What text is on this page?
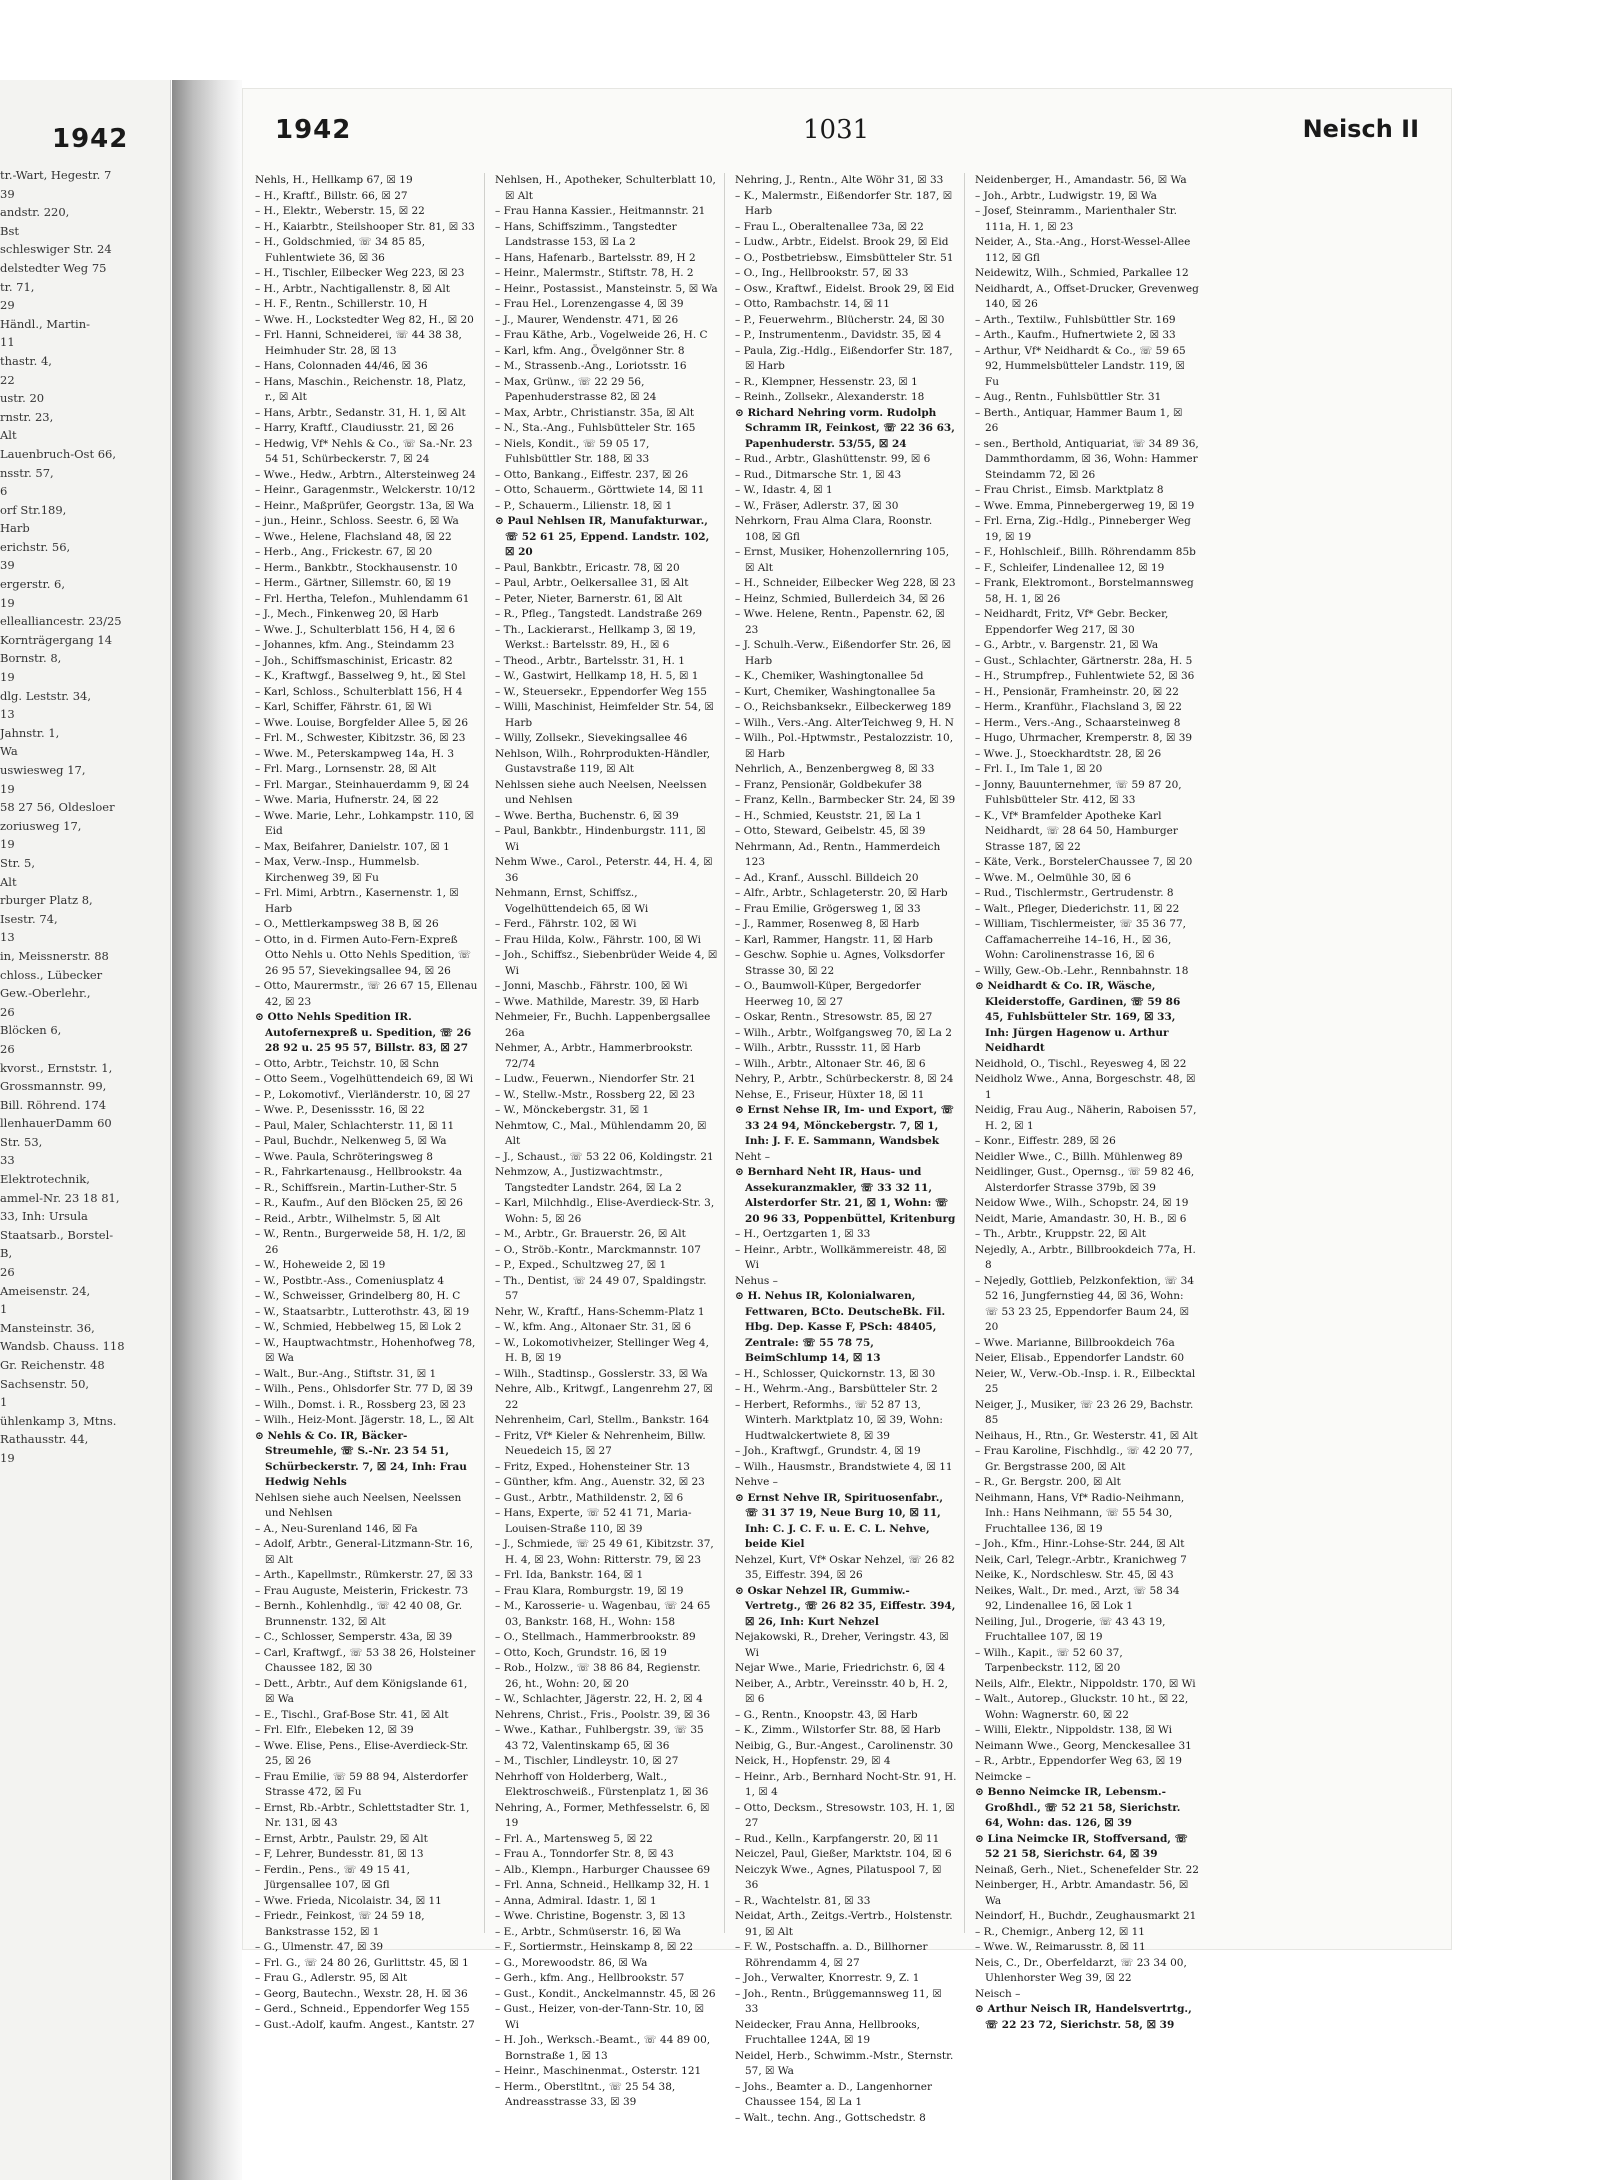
1942
tr.-Wart, Hegestr. 7
39
andstr. 220,
Bst
schleswiger Str. 24
delstedter Weg 75
tr. 71,
29
Händl., Martin-
11
thastr. 4,
22
ustr. 20
rnstr. 23,
Alt
Lauenbruch-Ost 66,
nsstr. 57,
6
orf Str.189,
Harb
erichstr. 56,
39
ergerstr. 6,
19
ellealliancestr. 23/25
Kornträgergang 14
Bornstr. 8,
19
dlg. Leststr. 34,
13
Jahnstr. 1,
Wa
uswiesweg 17,
19
58 27 56, Oldesloer
zoriusweg 17,
19
Str. 5,
Alt
rburger Platz 8,
Isestr. 74,
13
in, Meissnerstr. 88
chloss., Lübecker
Gew.-Oberlehr.,
26
Blöcken 6,
26
kvorst., Ernststr. 1,
Grossmannstr. 99,
Bill. Röhrend. 174
llenhauerDamm 60
Str. 53,
33
Elektrotechnik,
ammel-Nr. 23 18 81,
33, Inh: Ursula
Staatsarb., Borstel-
B,
26
Ameisenstr. 24,
1
Mansteinstr. 36,
Wandsb. Chauss. 118
Gr. Reichenstr. 48
Sachsenstr. 50,
1
ühlenkamp 3, Mtns.
Rathausstr. 44,
19
1942	1031	Neisch II
Nehls, H., Hellkamp 67, ☒ 19
– H., Kraftf., Billstr. 66, ☒ 27
– H., Elektr., Weberstr. 15, ☒ 22
– H., Kaiarbtr., Steilshooper Str. 81, ☒ 33
– H., Goldschmied, ☏ 34 85 85, Fuhlentwiete 36, ☒ 36
– H., Tischler, Eilbecker Weg 223, ☒ 23
– H., Arbtr., Nachtigallenstr. 8, ☒ Alt
– H. F., Rentn., Schillerstr. 10, H
– Wwe. H., Lockstedter Weg 82, H., ☒ 20
– Frl. Hanni, Schneiderei, ☏ 44 38 38, Heimhuder Str. 28, ☒ 13
– Hans, Colonnaden 44/46, ☒ 36
– Hans, Maschin., Reichenstr. 18, Platz, r., ☒ Alt
– Hans, Arbtr., Sedanstr. 31, H. 1, ☒ Alt
– Harry, Kraftf., Claudiusstr. 21, ☒ 26
– Hedwig, Vf* Nehls & Co., ☏ Sa.-Nr. 23 54 51, Schürbeckerstr. 7, ☒ 24
– Wwe., Hedw., Arbtrn., Altersteinweg 24
– Heinr., Garagenmstr., Welckerstr. 10/12
– Heinr., Maßprüfer, Georgstr. 13a, ☒ Wa
– jun., Heinr., Schloss. Seestr. 6, ☒ Wa
– Wwe., Helene, Flachsland 48, ☒ 22
– Herb., Ang., Frickestr. 67, ☒ 20
– Herm., Bankbtr., Stockhausenstr. 10
– Herm., Gärtner, Sillemstr. 60, ☒ 19
– Frl. Hertha, Telefon., Muhlendamm 61
– J., Mech., Finkenweg 20, ☒ Harb
– Wwe. J., Schulterblatt 156, H 4, ☒ 6
– Johannes, kfm. Ang., Steindamm 23
– Joh., Schiffsmaschinist, Ericastr. 82
– K., Kraftwgf., Basselweg 9, ht., ☒ Stel
– Karl, Schloss., Schulterblatt 156, H 4
– Karl, Schiffer, Fährstr. 61, ☒ Wi
– Wwe. Louise, Borgfelder Allee 5, ☒ 26
– Frl. M., Schwester, Kibitzstr. 36, ☒ 23
– Wwe. M., Peterskampweg 14a, H. 3
– Frl. Marg., Lornsenstr. 28, ☒ Alt
– Frl. Margar., Steinhauerdamm 9, ☒ 24
– Wwe. Maria, Hufnerstr. 24, ☒ 22
– Wwe. Marie, Lehr., Lohkampstr. 110, ☒ Eid
– Max, Beifahrer, Danielstr. 107, ☒ 1
– Max, Verw.-Insp., Hummelsb. Kirchenweg 39, ☒ Fu
– Frl. Mimi, Arbtrn., Kasernenstr. 1, ☒ Harb
– O., Mettlerkampsweg 38 B, ☒ 26
– Otto, in d. Firmen Auto-Fern-Expreß Otto Nehls u. Otto Nehls Spedition, ☏ 26 95 57, Sievekingsallee 94, ☒ 26
– Otto, Maurermstr., ☏ 26 67 15, Ellenau 42, ☒ 23
⊙ Otto Nehls Spedition IR. Autofernexpreß u. Spedition, ☏ 26 28 92 u. 25 95 57, Billstr. 83, ☒ 27
– Otto, Arbtr., Teichstr. 10, ☒ Schn
– Otto Seem., Vogelhüttendeich 69, ☒ Wi
– P., Lokomotivf., Vierländerstr. 10, ☒ 27
– Wwe. P., Desenissstr. 16, ☒ 22
– Paul, Maler, Schlachterstr. 11, ☒ 11
– Paul, Buchdr., Nelkenweg 5, ☒ Wa
– Wwe. Paula, Schröteringsweg 8
– R., Fahrkartenausg., Hellbrookstr. 4a
– R., Schiffsrein., Martin-Luther-Str. 5
– R., Kaufm., Auf den Blöcken 25, ☒ 26
– Reid., Arbtr., Wilhelmstr. 5, ☒ Alt
– W., Rentn., Burgerweide 58, H. 1/2, ☒ 26
– W., Hoheweide 2, ☒ 19
– W., Postbtr.-Ass., Comeniusplatz 4
– W., Schweisser, Grindelberg 80, H. C
– W., Staatsarbtr., Lutterothstr. 43, ☒ 19
– W., Schmied, Hebbelweg 15, ☒ Lok 2
– W., Hauptwachtmstr., Hohenhofweg 78, ☒ Wa
– Walt., Bur.-Ang., Stiftstr. 31, ☒ 1
– Wilh., Pens., Ohlsdorfer Str. 77 D, ☒ 39
– Wilh., Domst. i. R., Rossberg 23, ☒ 23
– Wilh., Heiz-Mont. Jägerstr. 18, L., ☒ Alt
⊙ Nehls & Co. IR, Bäcker-Streumehle, ☏ S.-Nr. 23 54 51, Schürbeckerstr. 7, ☒ 24, Inh: Frau Hedwig Nehls
Nehlsen siehe auch Neelsen, Neelssen und Nehlsen
– A., Neu-Surenland 146, ☒ Fa
– Adolf, Arbtr., General-Litzmann-Str. 16, ☒ Alt
– Arth., Kapellmstr., Rümkerstr. 27, ☒ 33
– Frau Auguste, Meisterin, Frickestr. 73
– Bernh., Kohlenhdlg., ☏ 42 40 08, Gr. Brunnenstr. 132, ☒ Alt
– C., Schlosser, Semperstr. 43a, ☒ 39
– Carl, Kraftwgf., ☏ 53 38 26, Holsteiner Chaussee 182, ☒ 30
– Dett., Arbtr., Auf dem Königslande 61, ☒ Wa
– E., Tischl., Graf-Bose Str. 41, ☒ Alt
– Frl. Elfr., Elebeken 12, ☒ 39
– Wwe. Elise, Pens., Elise-Averdieck-Str. 25, ☒ 26
– Frau Emilie, ☏ 59 88 94, Alsterdorfer Strasse 472, ☒ Fu
– Ernst, Rb.-Arbtr., Schlettstadter Str. 1, Nr. 131, ☒ 43
– Ernst, Arbtr., Paulstr. 29, ☒ Alt
– F, Lehrer, Bundesstr. 81, ☒ 13
– Ferdin., Pens., ☏ 49 15 41, Jürgensallee 107, ☒ Gfl
– Wwe. Frieda, Nicolaistr. 34, ☒ 11
– Friedr., Feinkost, ☏ 24 59 18, Bankstrasse 152, ☒ 1
– G., Ulmenstr. 47, ☒ 39
– Frl. G., ☏ 24 80 26, Gurlittstr. 45, ☒ 1
– Frau G., Adlerstr. 95, ☒ Alt
– Georg, Bautechn., Wexstr. 28, H. ☒ 36
– Gerd., Schneid., Eppendorfer Weg 155
– Gust.-Adolf, kaufm. Angest., Kantstr. 27
Nehlsen, H., Apotheker, Schulterblatt 10, ☒ Alt
– Frau Hanna Kassier., Heitmannstr. 21
– Hans, Schiffszimm., Tangstedter Landstrasse 153, ☒ La 2
– Hans, Hafenarb., Bartelsstr. 89, H 2
– Heinr., Malermstr., Stiftstr. 78, H. 2
– Heinr., Postassist., Mansteinstr. 5, ☒ Wa
– Frau Hel., Lorenzengasse 4, ☒ 39
– J., Maurer, Wendenstr. 471, ☒ 26
– Frau Käthe, Arb., Vogelweide 26, H. C
– Karl, kfm. Ang., Övelgönner Str. 8
– M., Strassenb.-Ang., Loriotsstr. 16
– Max, Grünw., ☏ 22 29 56, Papenhuderstrasse 82, ☒ 24
– Max, Arbtr., Christianstr. 35a, ☒ Alt
– N., Sta.-Ang., Fuhlsbütteler Str. 165
– Niels, Kondit., ☏ 59 05 17, Fuhlsbüttler Str. 188, ☒ 33
– Otto, Bankang., Eiffestr. 237, ☒ 26
– Otto, Schauerm., Görttwiete 14, ☒ 11
– P., Schauerm., Lilienstr. 18, ☒ 1
⊙ Paul Nehlsen IR, Manufakturwar., ☏ 52 61 25, Eppend. Landstr. 102, ☒ 20
– Paul, Bankbtr., Ericastr. 78, ☒ 20
– Paul, Arbtr., Oelkersallee 31, ☒ Alt
– Peter, Nieter, Barnerstr. 61, ☒ Alt
– R., Pfleg., Tangstedt. Landstraße 269
– Th., Lackierarst., Hellkamp 3, ☒ 19, Werkst.: Bartelsstr. 89, H., ☒ 6
– Theod., Arbtr., Bartelsstr. 31, H. 1
– W., Gastwirt, Hellkamp 18, H. 5, ☒ 1
– W., Steuersekr., Eppendorfer Weg 155
– Willi, Maschinist, Heimfelder Str. 54, ☒ Harb
– Willy, Zollsekr., Sievekingsallee 46
Nehlson, Wilh., Rohrprodukten-Händler, Gustavstraße 119, ☒ Alt
Nehlssen siehe auch Neelsen, Neelssen und Nehlsen
– Wwe. Bertha, Buchenstr. 6, ☒ 39
– Paul, Bankbtr., Hindenburgstr. 111, ☒ Wi
Nehm Wwe., Carol., Peterstr. 44, H. 4, ☒ 36
Nehmann, Ernst, Schiffsz., Vogelhüttendeich 65, ☒ Wi
– Ferd., Fährstr. 102, ☒ Wi
– Frau Hilda, Kolw., Fährstr. 100, ☒ Wi
– Joh., Schiffsz., Siebenbrüder Weide 4, ☒ Wi
– Jonni, Maschb., Fährstr. 100, ☒ Wi
– Wwe. Mathilde, Marestr. 39, ☒ Harb
Nehmeier, Fr., Buchh. Lappenbergsallee 26a
Nehmer, A., Arbtr., Hammerbrookstr. 72/74
– Ludw., Feuerwn., Niendorfer Str. 21
– W., Stellw.-Mstr., Rossberg 22, ☒ 23
– W., Mönckebergstr. 31, ☒ 1
Nehmtow, C., Mal., Mühlendamm 20, ☒ Alt
– J., Schaust., ☏ 53 22 06, Koldingstr. 21
Nehmzow, A., Justizwachtmstr., Tangstedter Landstr. 264, ☒ La 2
– Karl, Milchhdlg., Elise-Averdieck-Str. 3, Wohn: 5, ☒ 26
– M., Arbtr., Gr. Brauerstr. 26, ☒ Alt
– O., Ströb.-Kontr., Marckmannstr. 107
– P., Exped., Schultzweg 27, ☒ 1
– Th., Dentist, ☏ 24 49 07, Spaldingstr. 57
Nehr, W., Kraftf., Hans-Schemm-Platz 1
– W., kfm. Ang., Altonaer Str. 31, ☒ 6
– W., Lokomotivheizer, Stellinger Weg 4, H. B, ☒ 19
– Wilh., Stadtinsp., Gosslerstr. 33, ☒ Wa
Nehre, Alb., Kritwgf., Langenrehm 27, ☒ 22
Nehrenheim, Carl, Stellm., Bankstr. 164
– Fritz, Vf* Kieler & Nehrenheim, Billw. Neuedeich 15, ☒ 27
– Fritz, Exped., Hohensteiner Str. 13
– Günther, kfm. Ang., Auenstr. 32, ☒ 23
– Gust., Arbtr., Mathildenstr. 2, ☒ 6
– Hans, Experte, ☏ 52 41 71, Maria-Louisen-Straße 110, ☒ 39
– J., Schmiede, ☏ 25 49 61, Kibitzstr. 37, H. 4, ☒ 23, Wohn: Ritterstr. 79, ☒ 23
– Frl. Ida, Bankstr. 164, ☒ 1
– Frau Klara, Romburgstr. 19, ☒ 19
– M., Karosserie- u. Wagenbau, ☏ 24 65 03, Bankstr. 168, H., Wohn: 158
– O., Stellmach., Hammerbrookstr. 89
– Otto, Koch, Grundstr. 16, ☒ 19
– Rob., Holzw., ☏ 38 86 84, Regienstr. 26, ht., Wohn: 20, ☒ 20
– W., Schlachter, Jägerstr. 22, H. 2, ☒ 4
Nehrens, Christ., Fris., Poolstr. 39, ☒ 36
– Wwe., Kathar., Fuhlbergstr. 39, ☏ 35 43 72, Valentinskamp 65, ☒ 36
– M., Tischler, Lindleystr. 10, ☒ 27
Nehrhoff von Holderberg, Walt., Elektroschweiß., Fürstenplatz 1, ☒ 36
Nehring, A., Former, Methfesselstr. 6, ☒ 19
– Frl. A., Martensweg 5, ☒ 22
– Frau A., Tonndorfer Str. 8, ☒ 43
– Alb., Klempn., Harburger Chaussee 69
– Frl. Anna, Schneid., Hellkamp 32, H. 1
– Anna, Admiral. Idastr. 1, ☒ 1
– Wwe. Christine, Bogenstr. 3, ☒ 13
– E., Arbtr., Schmüserstr. 16, ☒ Wa
– F., Sortiermstr., Heinskamp 8, ☒ 22
– G., Morewoodstr. 86, ☒ Wa
– Gerh., kfm. Ang., Hellbrookstr. 57
– Gust., Kondit., Anckelmannstr. 45, ☒ 26
– Gust., Heizer, von-der-Tann-Str. 10, ☒ Wi
– H. Joh., Werksch.-Beamt., ☏ 44 89 00, Bornstraße 1, ☒ 13
– Heinr., Maschinenmat., Osterstr. 121
– Herm., Oberstltnt., ☏ 25 54 38, Andreasstrasse 33, ☒ 39
Nehring, J., Rentn., Alte Wöhr 31, ☒ 33
– K., Malermstr., Eißendorfer Str. 187, ☒ Harb
– Frau L., Oberaltenallee 73a, ☒ 22
– Ludw., Arbtr., Eidelst. Brook 29, ☒ Eid
– O., Postbetriebsw., Eimsbütteler Str. 51
– O., Ing., Hellbrookstr. 57, ☒ 33
– Osw., Kraftwf., Eidelst. Brook 29, ☒ Eid
– Otto, Rambachstr. 14, ☒ 11
– P., Feuerwehrm., Blücherstr. 24, ☒ 30
– P., Instrumentenm., Davidstr. 35, ☒ 4
– Paula, Zig.-Hdlg., Eißendorfer Str. 187, ☒ Harb
– R., Klempner, Hessenstr. 23, ☒ 1
– Reinh., Zollsekr., Alexanderstr. 18
⊙ Richard Nehring vorm. Rudolph Schramm IR, Feinkost, ☏ 22 36 63, Papenhuderstr. 53/55, ☒ 24
– Rud., Arbtr., Glashüttenstr. 99, ☒ 6
– Rud., Ditmarsche Str. 1, ☒ 43
– W., Idastr. 4, ☒ 1
– W., Fräser, Adlerstr. 37, ☒ 30
Nehrkorn, Frau Alma Clara, Roonstr. 108, ☒ Gfl
– Ernst, Musiker, Hohenzollernring 105, ☒ Alt
– H., Schneider, Eilbecker Weg 228, ☒ 23
– Heinz, Schmied, Bullerdeich 34, ☒ 26
– Wwe. Helene, Rentn., Papenstr. 62, ☒ 23
– J. Schulh.-Verw., Eißendorfer Str. 26, ☒ Harb
– K., Chemiker, Washingtonallee 5d
– Kurt, Chemiker, Washingtonallee 5a
– O., Reichsbanksekr., Eilbeckerweg 189
– Wilh., Vers.-Ang. AlterTeichweg 9, H. N
– Wilh., Pol.-Hptwmstr., Pestalozzistr. 10, ☒ Harb
Nehrlich, A., Benzenbergweg 8, ☒ 33
– Franz, Pensionär, Goldbekufer 38
– Franz, Kelln., Barmbecker Str. 24, ☒ 39
– H., Schmied, Keuststr. 21, ☒ La 1
– Otto, Steward, Geibelstr. 45, ☒ 39
Nehrmann, Ad., Rentn., Hammerdeich 123
– Ad., Kranf., Ausschl. Billdeich 20
– Alfr., Arbtr., Schlageterstr. 20, ☒ Harb
– Frau Emilie, Grögersweg 1, ☒ 33
– J., Rammer, Rosenweg 8, ☒ Harb
– Karl, Rammer, Hangstr. 11, ☒ Harb
– Geschw. Sophie u. Agnes, Volksdorfer Strasse 30, ☒ 22
– O., Baumwoll-Küper, Bergedorfer Heerweg 10, ☒ 27
– Oskar, Rentn., Stresowstr. 85, ☒ 27
– Wilh., Arbtr., Wolfgangsweg 70, ☒ La 2
– Wilh., Arbtr., Russstr. 11, ☒ Harb
– Wilh., Arbtr., Altonaer Str. 46, ☒ 6
Nehry, P., Arbtr., Schürbeckerstr. 8, ☒ 24
Nehse, E., Friseur, Hüxter 18, ☒ 11
⊙ Ernst Nehse IR, Im- und Export, ☏ 33 24 94, Mönckebergstr. 7, ☒ 1, Inh: J. F. E. Sammann, Wandsbek
Neht –
⊙ Bernhard Neht IR, Haus- und Assekuranzmakler, ☏ 33 32 11, Alsterdorfer Str. 21, ☒ 1, Wohn: ☏ 20 96 33, Poppenbüttel, Kritenburg
– H., Oertzgarten 1, ☒ 33
– Heinr., Arbtr., Wollkämmereistr. 48, ☒ Wi
Nehus –
⊙ H. Nehus IR, Kolonialwaren, Fettwaren, BCto. DeutscheBk. Fil. Hbg. Dep. Kasse F, PSch: 48405, Zentrale: ☏ 55 78 75, BeimSchlump 14, ☒ 13
– H., Schlosser, Quickornstr. 13, ☒ 30
– H., Wehrm.-Ang., Barsbütteler Str. 2
– Herbert, Reformhs., ☏ 52 87 13, Winterh. Marktplatz 10, ☒ 39, Wohn: Hudtwalckertwiete 8, ☒ 39
– Joh., Kraftwgf., Grundstr. 4, ☒ 19
– Wilh., Hausmstr., Brandstwiete 4, ☒ 11
Nehve –
⊙ Ernst Nehve IR, Spirituosenfabr., ☏ 31 37 19, Neue Burg 10, ☒ 11, Inh: C. J. C. F. u. E. C. L. Nehve, beide Kiel
Nehzel, Kurt, Vf* Oskar Nehzel, ☏ 26 82 35, Eiffestr. 394, ☒ 26
⊙ Oskar Nehzel IR, Gummiw.-Vertretg., ☏ 26 82 35, Eiffestr. 394, ☒ 26, Inh: Kurt Nehzel
Nejakowski, R., Dreher, Veringstr. 43, ☒ Wi
Nejar Wwe., Marie, Friedrichstr. 6, ☒ 4
Neiber, A., Arbtr., Vereinsstr. 40 b, H. 2, ☒ 6
– G., Rentn., Knoopstr. 43, ☒ Harb
– K., Zimm., Wilstorfer Str. 88, ☒ Harb
Neibig, G., Bur.-Angest., Carolinenstr. 30
Neick, H., Hopfenstr. 29, ☒ 4
– Heinr., Arb., Bernhard Nocht-Str. 91, H. 1, ☒ 4
– Otto, Decksm., Stresowstr. 103, H. 1, ☒ 27
– Rud., Kelln., Karpfangerstr. 20, ☒ 11
Neiczel, Paul, Gießer, Marktstr. 104, ☒ 6
Neiczyk Wwe., Agnes, Pilatuspool 7, ☒ 36
– R., Wachtelstr. 81, ☒ 33
Neidat, Arth., Zeitgs.-Vertrb., Holstenstr. 91, ☒ Alt
– F. W., Postschaffn. a. D., Billhorner Röhrendamm 4, ☒ 27
– Joh., Verwalter, Knorrestr. 9, Z. 1
– Joh., Rentn., Brüggemannsweg 11, ☒ 33
Neidecker, Frau Anna, Hellbrooks, Fruchtallee 124A, ☒ 19
Neidel, Herb., Schwimm.-Mstr., Sternstr. 57, ☒ Wa
– Johs., Beamter a. D., Langenhorner Chaussee 154, ☒ La 1
– Walt., techn. Ang., Gottschedstr. 8
Neidenberger, H., Amandastr. 56, ☒ Wa
– Joh., Arbtr., Ludwigstr. 19, ☒ Wa
– Josef, Steinramm., Marienthaler Str. 111a, H. 1, ☒ 23
Neider, A., Sta.-Ang., Horst-Wessel-Allee 112, ☒ Gfl
Neidewitz, Wilh., Schmied, Parkallee 12
Neidhardt, A., Offset-Drucker, Grevenweg 140, ☒ 26
– Arth., Textilw., Fuhlsbüttler Str. 169
– Arth., Kaufm., Hufnertwiete 2, ☒ 33
– Arthur, Vf* Neidhardt & Co., ☏ 59 65 92, Hummelsbütteler Landstr. 119, ☒ Fu
– Aug., Rentn., Fuhlsbüttler Str. 31
– Berth., Antiquar, Hammer Baum 1, ☒ 26
– sen., Berthold, Antiquariat, ☏ 34 89 36, Dammthordamm, ☒ 36, Wohn: Hammer Steindamm 72, ☒ 26
– Frau Christ., Eimsb. Marktplatz 8
– Wwe. Emma, Pinnebergerweg 19, ☒ 19
– Frl. Erna, Zig.-Hdlg., Pinneberger Weg 19, ☒ 19
– F., Hohlschleif., Billh. Röhrendamm 85b
– F., Schleifer, Lindenallee 12, ☒ 19
– Frank, Elektromont., Borstelmannsweg 58, H. 1, ☒ 26
– Neidhardt, Fritz, Vf* Gebr. Becker, Eppendorfer Weg 217, ☒ 30
– G., Arbtr., v. Bargenstr. 21, ☒ Wa
– Gust., Schlachter, Gärtnerstr. 28a, H. 5
– H., Strumpfrep., Fuhlentwiete 52, ☒ 36
– H., Pensionär, Framheinstr. 20, ☒ 22
– Herm., Kranführ., Flachsland 3, ☒ 22
– Herm., Vers.-Ang., Schaarsteinweg 8
– Hugo, Uhrmacher, Kremperstr. 8, ☒ 39
– Wwe. J., Stoeckhardtstr. 28, ☒ 26
– Frl. I., Im Tale 1, ☒ 20
– Jonny, Bauunternehmer, ☏ 59 87 20, Fuhlsbütteler Str. 412, ☒ 33
– K., Vf* Bramfelder Apotheke Karl Neidhardt, ☏ 28 64 50, Hamburger Strasse 187, ☒ 22
– Käte, Verk., BorstelerChaussee 7, ☒ 20
– Wwe. M., Oelmühle 30, ☒ 6
– Rud., Tischlermstr., Gertrudenstr. 8
– Walt., Pfleger, Diederichstr. 11, ☒ 22
– William, Tischlermeister, ☏ 35 36 77, Caffamacherreihe 14–16, H., ☒ 36, Wohn: Carolinenstrasse 16, ☒ 6
– Willy, Gew.-Ob.-Lehr., Rennbahnstr. 18
⊙ Neidhardt & Co. IR, Wäsche, Kleiderstoffe, Gardinen, ☏ 59 86 45, Fuhlsbütteler Str. 169, ☒ 33, Inh: Jürgen Hagenow u. Arthur Neidhardt
Neidhold, O., Tischl., Reyesweg 4, ☒ 22
Neidholz Wwe., Anna, Borgeschstr. 48, ☒ 1
Neidig, Frau Aug., Näherin, Raboisen 57, H. 2, ☒ 1
– Konr., Eiffestr. 289, ☒ 26
Neidler Wwe., C., Billh. Mühlenweg 89
Neidlinger, Gust., Opernsg., ☏ 59 82 46, Alsterdorfer Strasse 379b, ☒ 39
Neidow Wwe., Wilh., Schopstr. 24, ☒ 19
Neidt, Marie, Amandastr. 30, H. B., ☒ 6
– Th., Arbtr., Kruppstr. 22, ☒ Alt
Nejedly, A., Arbtr., Billbrookdeich 77a, H. 8
– Nejedly, Gottlieb, Pelzkonfektion, ☏ 34 52 16, Jungfernstieg 44, ☒ 36, Wohn: ☏ 53 23 25, Eppendorfer Baum 24, ☒ 20
– Wwe. Marianne, Billbrookdeich 76a
Neier, Elisab., Eppendorfer Landstr. 60
Neier, W., Verw.-Ob.-Insp. i. R., Eilbecktal 25
Neiger, J., Musiker, ☏ 23 26 29, Bachstr. 85
Neihaus, H., Rtn., Gr. Westerstr. 41, ☒ Alt
– Frau Karoline, Fischhdlg., ☏ 42 20 77, Gr. Bergstrasse 200, ☒ Alt
– R., Gr. Bergstr. 200, ☒ Alt
Neihmann, Hans, Vf* Radio-Neihmann, Inh.: Hans Neihmann, ☏ 55 54 30, Fruchtallee 136, ☒ 19
– Joh., Kfm., Hinr.-Lohse-Str. 244, ☒ Alt
Neik, Carl, Telegr.-Arbtr., Kranichweg 7
Neike, K., Nordschlesw. Str. 45, ☒ 43
Neikes, Walt., Dr. med., Arzt, ☏ 58 34 92, Lindenallee 16, ☒ Lok 1
Neiling, Jul., Drogerie, ☏ 43 43 19, Fruchtallee 107, ☒ 19
– Wilh., Kapit., ☏ 52 60 37, Tarpenbeckstr. 112, ☒ 20
Neils, Alfr., Elektr., Nippoldstr. 170, ☒ Wi
– Walt., Autorep., Gluckstr. 10 ht., ☒ 22, Wohn: Wagnerstr. 60, ☒ 22
– Willi, Elektr., Nippoldstr. 138, ☒ Wi
Neimann Wwe., Georg, Menckesallee 31
– R., Arbtr., Eppendorfer Weg 63, ☒ 19
Neimcke –
⊙ Benno Neimcke IR, Lebensm.-Großhdl., ☏ 52 21 58, Sierichstr. 64, Wohn: das. 126, ☒ 39
⊙ Lina Neimcke IR, Stoffversand, ☏ 52 21 58, Sierichstr. 64, ☒ 39
Neinaß, Gerh., Niet., Schenefelder Str. 22
Neinberger, H., Arbtr. Amandastr. 56, ☒ Wa
Neindorf, H., Buchdr., Zeughausmarkt 21
– R., Chemigr., Anberg 12, ☒ 11
– Wwe. W., Reimarusstr. 8, ☒ 11
Neis, C., Dr., Oberfeldarzt, ☏ 23 34 00, Uhlenhorster Weg 39, ☒ 22
Neisch –
⊙ Arthur Neisch IR, Handelsvertrtg., ☏ 22 23 72, Sierichstr. 58, ☒ 39
